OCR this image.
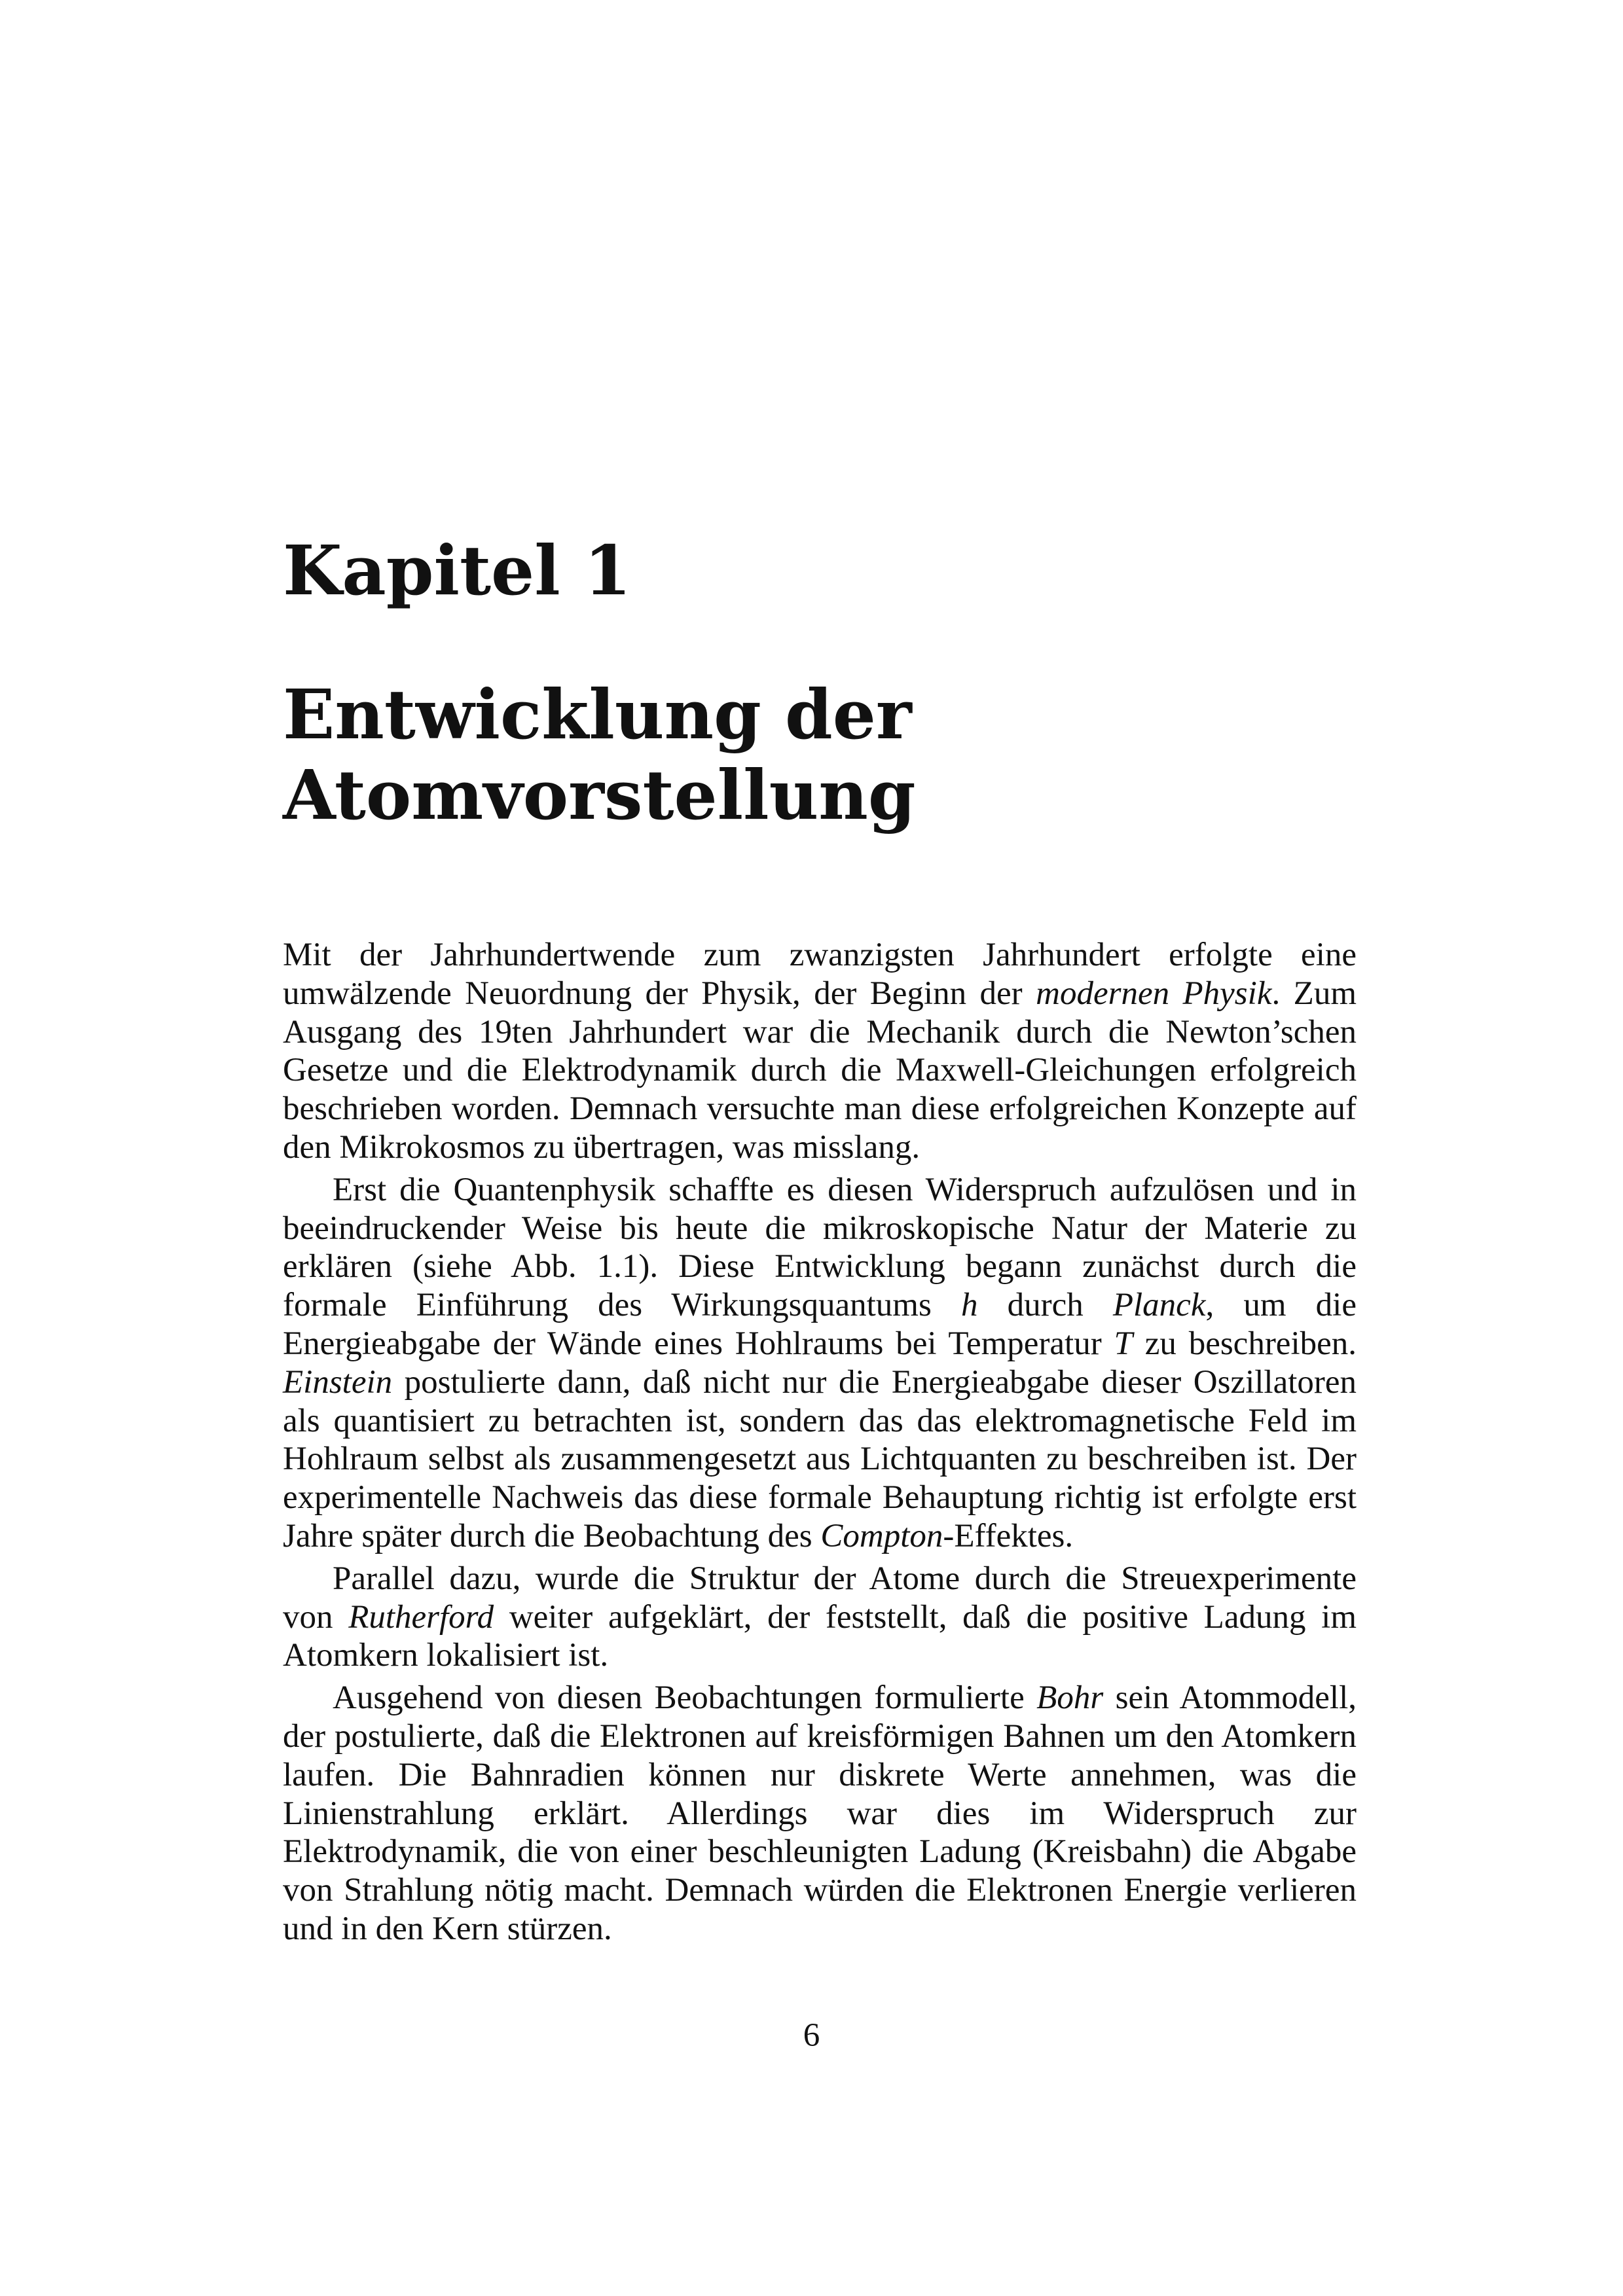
Kapitel 1
Entwicklung der
Atomvorstellung

Mit der Jahrhundertwende zum zwanzigsten Jahrhundert erfolgte eine umwälzende Neuordnung der Physik, der Beginn der modernen Physik. Zum Ausgang des 19ten Jahrhundert war die Mechanik durch die Newton’schen Gesetze und die Elektrodynamik durch die Maxwell-Gleichungen erfolgreich beschrieben worden. Demnach versuchte man diese erfolgreichen Konzepte auf den Mikrokosmos zu übertragen, was misslang.

Erst die Quantenphysik schaffte es diesen Widerspruch aufzulösen und in beeindruckender Weise bis heute die mikroskopische Natur der Materie zu erklären (siehe Abb. 1.1). Diese Entwicklung begann zunächst durch die formale Einführung des Wirkungsquantums h durch Planck, um die Energieabgabe der Wände eines Hohlraums bei Temperatur T zu beschreiben. Einstein postulierte dann, daß nicht nur die Energieabgabe dieser Oszillatoren als quantisiert zu betrachten ist, sondern das das elektromagnetische Feld im Hohlraum selbst als zusammengesetzt aus Lichtquanten zu beschreiben ist. Der experimentelle Nachweis das diese formale Behauptung richtig ist erfolgte erst Jahre später durch die Beobachtung des Compton-Effektes.

Parallel dazu, wurde die Struktur der Atome durch die Streuexperimente von Rutherford weiter aufgeklärt, der feststellt, daß die positive Ladung im Atomkern lokalisiert ist.

Ausgehend von diesen Beobachtungen formulierte Bohr sein Atommodell, der postulierte, daß die Elektronen auf kreisförmigen Bahnen um den Atomkern laufen. Die Bahnradien können nur diskrete Werte annehmen, was die Linienstrahlung erklärt. Allerdings war dies im Widerspruch zur Elektrodynamik, die von einer beschleunigten Ladung (Kreisbahn) die Abgabe von Strahlung nötig macht. Demnach würden die Elektronen Energie verlieren und in den Kern stürzen.

6
